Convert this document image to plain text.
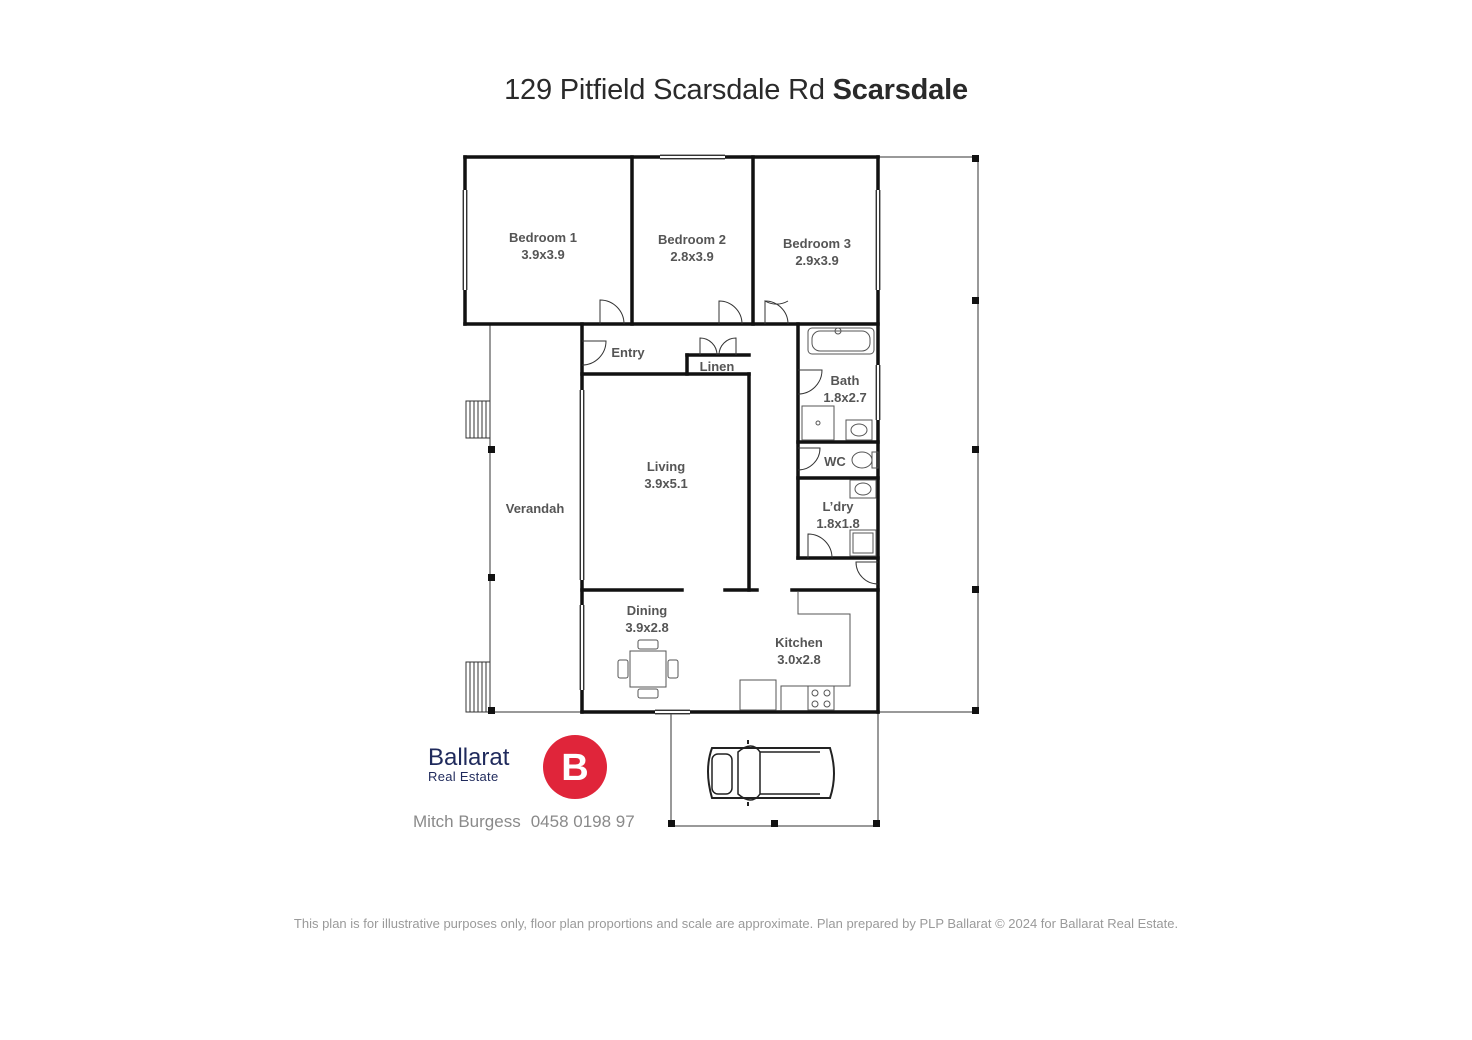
129 Pitfield Scarsdale Rd Scarsdale
Bedroom 1
3.9x3.9
Bedroom 2
2.8x3.9
Bedroom 3
2.9x3.9
Entry
Linen
Bath
1.8x2.7
WC
L’dry
1.8x1.8
Living
3.9x5.1
Verandah
Dining
3.9x2.8
Kitchen
3.0x2.8
Ballarat
Real Estate B
Mitch Burgess 0458 0198 97
This plan is for illustrative purposes only, floor plan proportions and scale are approximate. Plan prepared by PLP Ballarat © 2024 for Ballarat Real Estate.
